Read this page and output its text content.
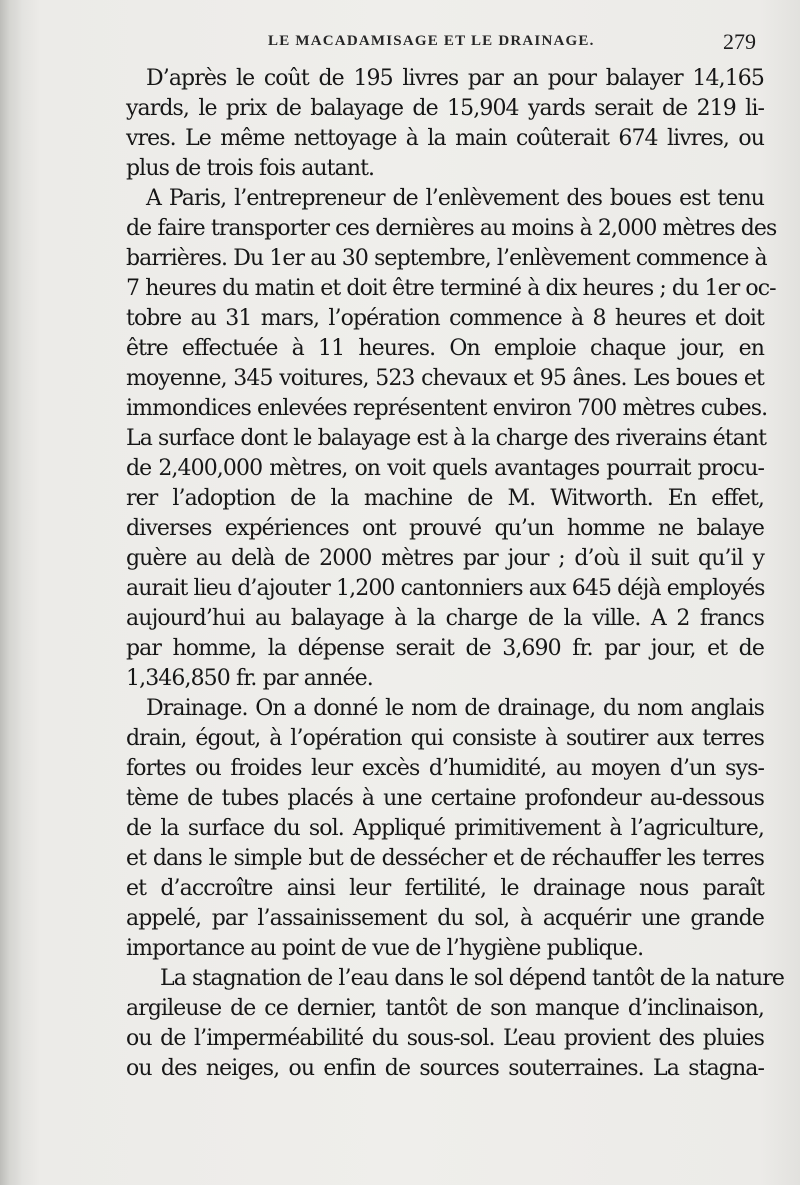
LE MACADAMISAGE ET LE DRAINAGE.	279
D’après le coût de 195 livres par an pour balayer 14,165
yards, le prix de balayage de 15,904 yards serait de 219 li-
vres. Le même nettoyage à la main coûterait 674 livres, ou
plus de trois fois autant.
A Paris, l’entrepreneur de l’enlèvement des boues est tenu
de faire transporter ces dernières au moins à 2,000 mètres des
barrières. Du 1er au 30 septembre, l’enlèvement commence à
7 heures du matin et doit être terminé à dix heures ; du 1er oc-
tobre au 31 mars, l’opération commence à 8 heures et doit
être effectuée à 11 heures. On emploie chaque jour, en
moyenne, 345 voitures, 523 chevaux et 95 ânes. Les boues et
immondices enlevées représentent environ 700 mètres cubes.
La surface dont le balayage est à la charge des riverains étant
de 2,400,000 mètres, on voit quels avantages pourrait procu-
rer l’adoption de la machine de M. Witworth. En effet,
diverses expériences ont prouvé qu’un homme ne balaye
guère au delà de 2000 mètres par jour ; d’où il suit qu’il y
aurait lieu d’ajouter 1,200 cantonniers aux 645 déjà employés
aujourd’hui au balayage à la charge de la ville. A 2 francs
par homme, la dépense serait de 3,690 fr. par jour, et de
1,346,850 fr. par année.
Drainage. On a donné le nom de drainage, du nom anglais
drain, égout, à l’opération qui consiste à soutirer aux terres
fortes ou froides leur excès d’humidité, au moyen d’un sys-
tème de tubes placés à une certaine profondeur au-dessous
de la surface du sol. Appliqué primitivement à l’agriculture,
et dans le simple but de dessécher et de réchauffer les terres
et d’accroître ainsi leur fertilité, le drainage nous paraît
appelé, par l’assainissement du sol, à acquérir une grande
importance au point de vue de l’hygiène publique.
La stagnation de l’eau dans le sol dépend tantôt de la nature
argileuse de ce dernier, tantôt de son manque d’inclinaison,
ou de l’imperméabilité du sous-sol. L’eau provient des pluies
ou des neiges, ou enfin de sources souterraines. La stagna-
